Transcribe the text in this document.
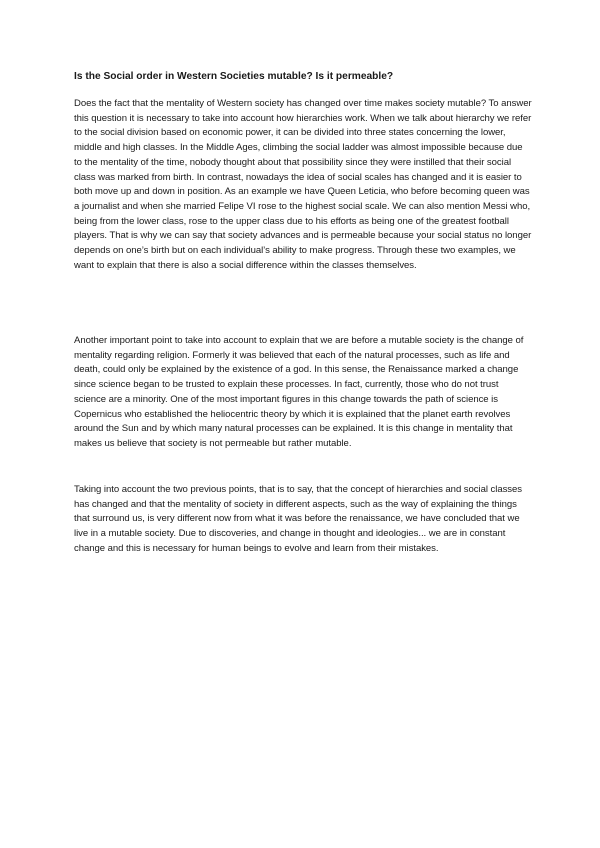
Is the Social order in Western Societies mutable? Is it permeable?

Does the fact that the mentality of Western society has changed over time makes society mutable? To answer this question it is necessary to take into account how hierarchies work. When we talk about hierarchy we refer to the social division based on economic power, it can be divided into three states concerning the lower, middle and high classes. In the Middle Ages, climbing the social ladder was almost impossible because due to the mentality of the time, nobody thought about that possibility since they were instilled that their social class was marked from birth. In contrast, nowadays the idea of social scales has changed and it is easier to both move up and down in position. As an example we have Queen Leticia, who before becoming queen was a journalist and when she married Felipe VI rose to the highest social scale. We can also mention Messi who, being from the lower class, rose to the upper class due to his efforts as being one of the greatest football players. That is why we can say that society advances and is permeable because your social status no longer depends on one’s birth but on each individual’s ability to make progress. Through these two examples, we want to explain that there is also a social difference within the classes themselves.

Another important point to take into account to explain that we are before a mutable society is the change of mentality regarding religion. Formerly it was believed that each of the natural processes, such as life and death, could only be explained by the existence of a god. In this sense, the Renaissance marked a change since science began to be trusted to explain these processes. In fact, currently, those who do not trust science are a minority. One of the most important figures in this change towards the path of science is Copernicus who established the heliocentric theory by which it is explained that the planet earth revolves around the Sun and by which many natural processes can be explained. It is this change in mentality that makes us believe that society is not permeable but rather mutable.

Taking into account the two previous points, that is to say, that the concept of hierarchies and social classes has changed and that the mentality of society in different aspects, such as the way of explaining the things that surround us, is very different now from what it was before the renaissance, we have concluded that we live in a mutable society. Due to discoveries, and change in thought and ideologies... we are in constant change and this is necessary for human beings to evolve and learn from their mistakes.
